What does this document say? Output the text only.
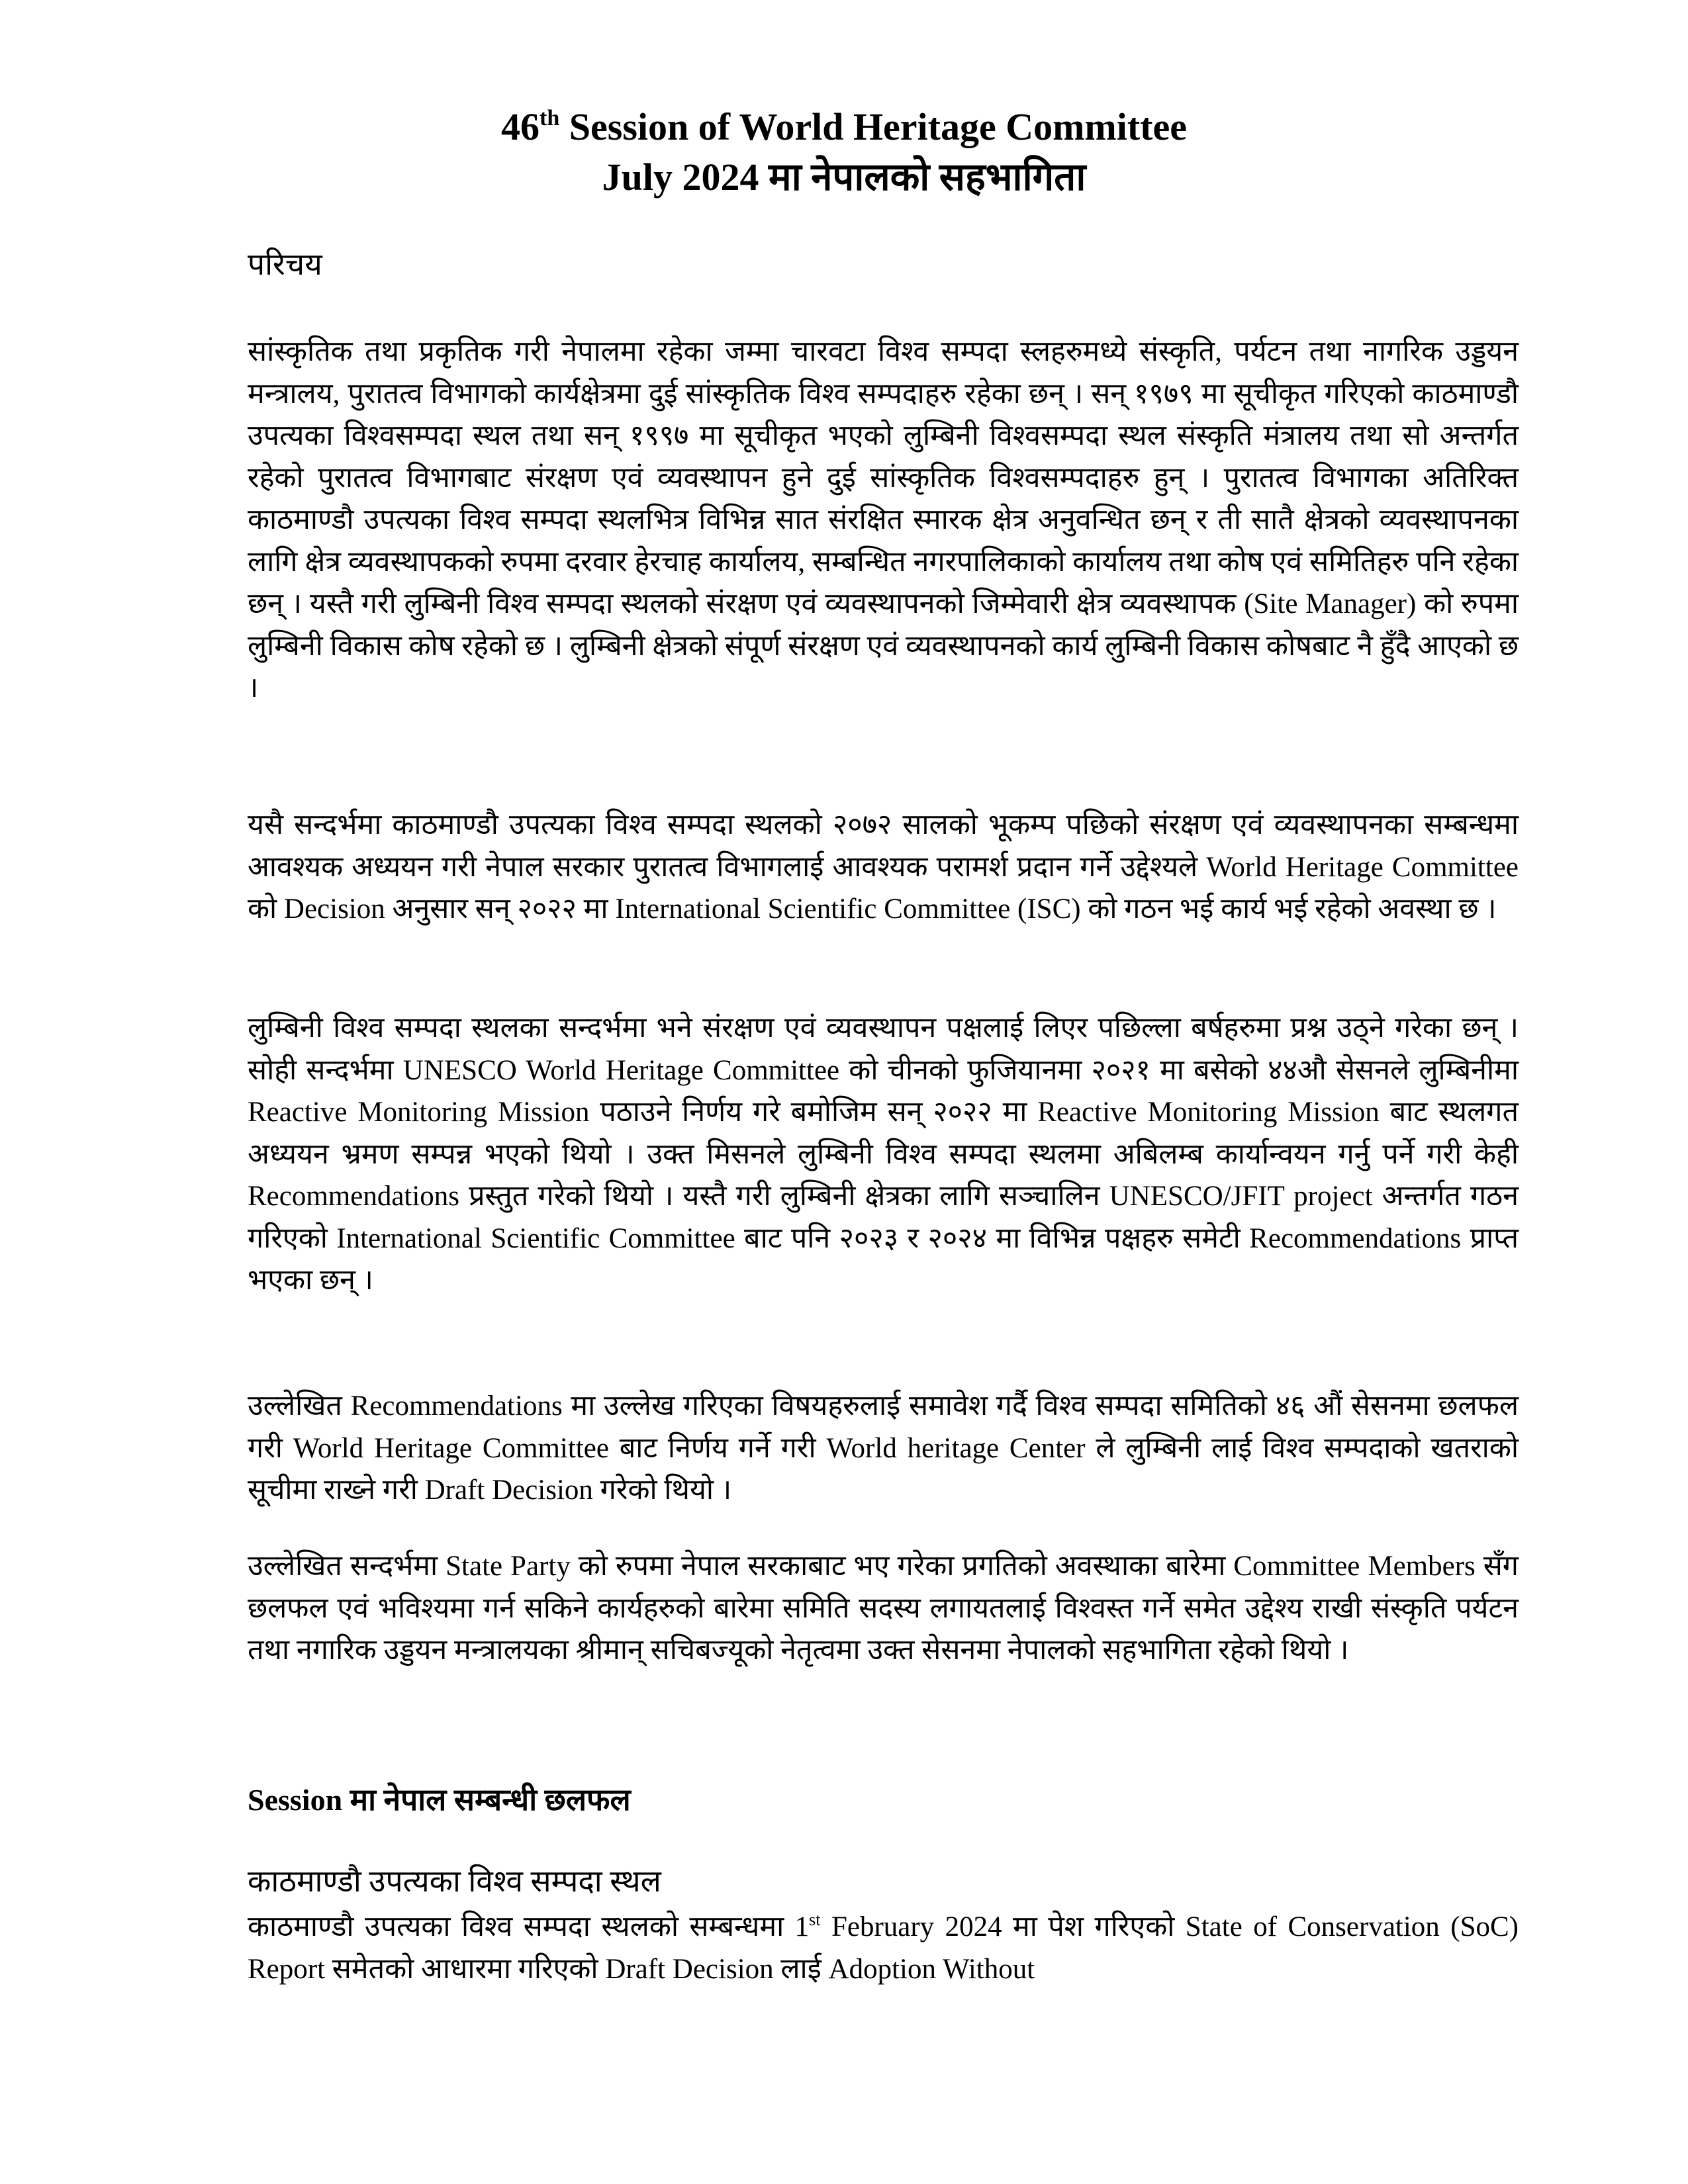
46th Session of World Heritage Committee
July 2024 मा नेपालको सहभागिता
परिचय

सांस्कृतिक तथा प्रकृतिक गरी नेपालमा रहेका जम्मा चारवटा विश्व सम्पदा स्लहरुमध्ये संस्कृति, पर्यटन तथा नागरिक उड्डयन मन्त्रालय, पुरातत्व विभागको कार्यक्षेत्रमा दुई सांस्कृतिक विश्व सम्पदाहरु रहेका छन् । सन् १९७९ मा सूचीकृत गरिएको काठमाण्डौ उपत्यका विश्वसम्पदा स्थल तथा सन् १९९७ मा सूचीकृत भएको लुम्बिनी विश्वसम्पदा स्थल संस्कृति मंत्रालय तथा सो अन्तर्गत रहेको पुरातत्व विभागबाट संरक्षण एवं व्यवस्थापन हुने दुई सांस्कृतिक विश्वसम्पदाहरु हुन् । पुरातत्व विभागका अतिरिक्त काठमाण्डौ उपत्यका विश्व सम्पदा स्थलभित्र विभिन्न सात संरक्षित स्मारक क्षेत्र अनुवन्धित छन् र ती सातै क्षेत्रको व्यवस्थापनका लागि क्षेत्र व्यवस्थापकको रुपमा दरवार हेरचाह कार्यालय, सम्बन्धित नगरपालिकाको कार्यालय तथा कोष एवं समितिहरु पनि रहेका छन् । यस्तै गरी लुम्बिनी विश्व सम्पदा स्थलको संरक्षण एवं व्यवस्थापनको जिम्मेवारी क्षेत्र व्यवस्थापक (Site Manager) को रुपमा लुम्बिनी विकास कोष रहेको छ । लुम्बिनी क्षेत्रको संपूर्ण संरक्षण एवं व्यवस्थापनको कार्य लुम्बिनी विकास कोषबाट नै हुँदै आएको छ ।

यसै सन्दर्भमा काठमाण्डौ उपत्यका विश्व सम्पदा स्थलको २०७२ सालको भूकम्प पछिको संरक्षण एवं व्यवस्थापनका सम्बन्धमा आवश्यक अध्ययन गरी नेपाल सरकार पुरातत्व विभागलाई आवश्यक परामर्श प्रदान गर्ने उद्देश्यले World Heritage Committee को Decision अनुसार सन् २०२२ मा International Scientific Committee (ISC) को गठन भई कार्य भई रहेको अवस्था छ ।

लुम्बिनी विश्व सम्पदा स्थलका सन्दर्भमा भने संरक्षण एवं व्यवस्थापन पक्षलाई लिएर पछिल्ला बर्षहरुमा प्रश्न उठ्ने गरेका छन् । सोही सन्दर्भमा UNESCO World Heritage Committee को चीनको फुजियानमा २०२१ मा बसेको ४४औ सेसनले लुम्बिनीमा Reactive Monitoring Mission पठाउने निर्णय गरे बमोजिम सन् २०२२ मा Reactive Monitoring Mission बाट स्थलगत अध्ययन भ्रमण सम्पन्न भएको थियो । उक्त मिसनले लुम्बिनी विश्व सम्पदा स्थलमा अबिलम्ब कार्यान्वयन गर्नु पर्ने गरी केही Recommendations प्रस्तुत गरेको थियो । यस्तै गरी लुम्बिनी क्षेत्रका लागि सञ्चालिन UNESCO/JFIT project अन्तर्गत गठन गरिएको International Scientific Committee बाट पनि २०२३ र २०२४ मा विभिन्न पक्षहरु समेटी Recommendations प्राप्त भएका छन् ।

उल्लेखित Recommendations मा उल्लेख गरिएका विषयहरुलाई समावेश गर्दै विश्व सम्पदा समितिको ४६ औं सेसनमा छलफल गरी World Heritage Committee बाट निर्णय गर्ने गरी World heritage Center ले लुम्बिनी लाई विश्व सम्पदाको खतराको सूचीमा राख्ने गरी Draft Decision गरेको थियो ।

उल्लेखित सन्दर्भमा State Party को रुपमा नेपाल सरकाबाट भए गरेका प्रगतिको अवस्थाका बारेमा Committee Members सँग छलफल एवं भविश्यमा गर्न सकिने कार्यहरुको बारेमा समिति सदस्य लगायतलाई विश्वस्त गर्ने समेत उद्देश्य राखी संस्कृति पर्यटन तथा नगारिक उड्डयन मन्त्रालयका श्रीमान् सचिबज्यूको नेतृत्वमा उक्त सेसनमा नेपालको सहभागिता रहेको थियो ।

Session मा नेपाल सम्बन्धी छलफल
काठमाण्डौ उपत्यका विश्व सम्पदा स्थल

काठमाण्डौ उपत्यका विश्व सम्पदा स्थलको सम्बन्धमा 1st February 2024 मा पेश गरिएको State of Conservation (SoC) Report समेतको आधारमा गरिएको Draft Decision लाई Adoption Without
